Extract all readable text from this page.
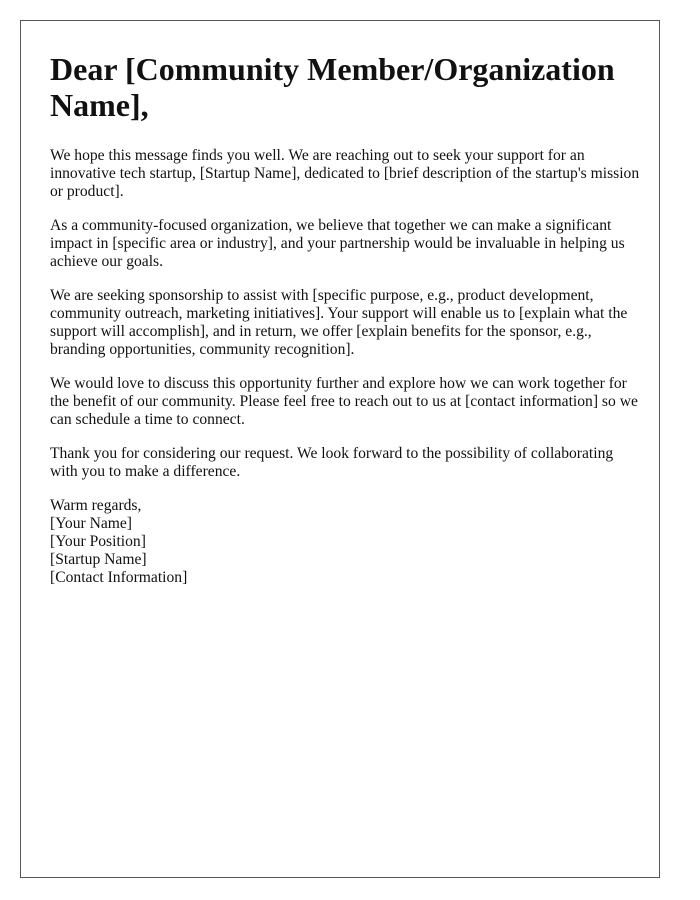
Dear [Community Member/Organization Name],

We hope this message finds you well. We are reaching out to seek your support for an innovative tech startup, [Startup Name], dedicated to [brief description of the startup's mission or product].

As a community-focused organization, we believe that together we can make a significant impact in [specific area or industry], and your partnership would be invaluable in helping us achieve our goals.

We are seeking sponsorship to assist with [specific purpose, e.g., product development, community outreach, marketing initiatives]. Your support will enable us to [explain what the support will accomplish], and in return, we offer [explain benefits for the sponsor, e.g., branding opportunities, community recognition].

We would love to discuss this opportunity further and explore how we can work together for the benefit of our community. Please feel free to reach out to us at [contact information] so we can schedule a time to connect.

Thank you for considering our request. We look forward to the possibility of collaborating with you to make a difference.

Warm regards,
[Your Name]
[Your Position]
[Startup Name]
[Contact Information]
